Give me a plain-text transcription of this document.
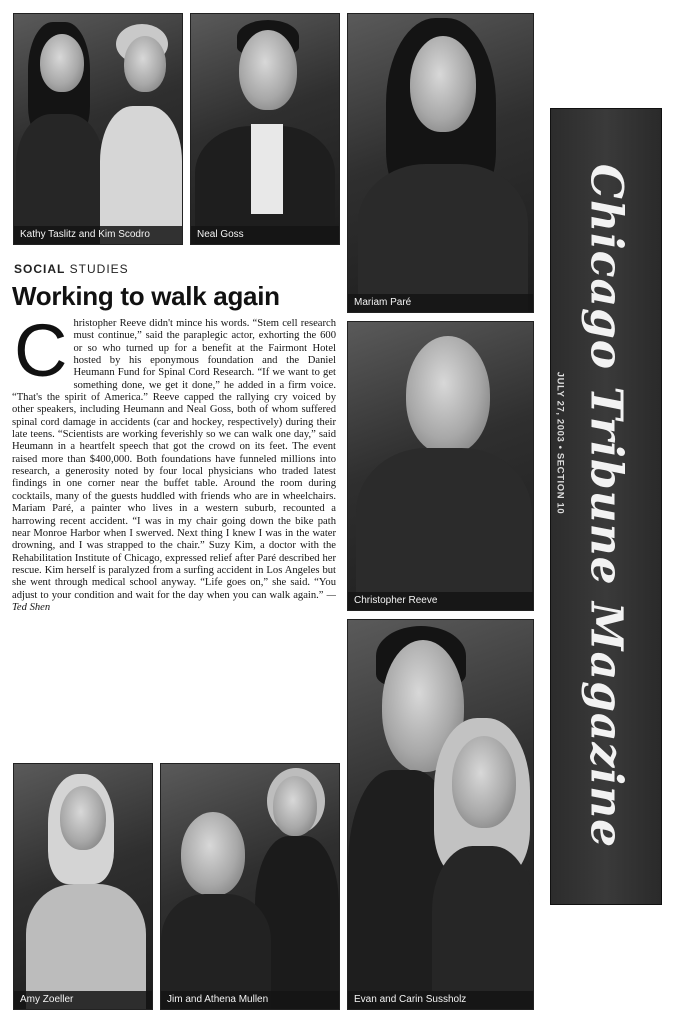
Kathy Taslitz and Kim Scodro	Neal Goss
Mariam Paré
Christopher Reeve
Amy Zoeller	Jim and Athena Mullen	Evan and Carin Sussholz
SOCIAL STUDIES
Working to walk again
Christopher Reeve didn't mince his words. “Stem cell research must continue,” said the paraplegic actor, exhorting the 600 or so who turned up for a benefit at the Fairmont Hotel hosted by his eponymous foundation and the Daniel Heumann Fund for Spinal Cord Research. “If we want to get something done, we get it done,” he added in a firm voice. “That's the spirit of America.” Reeve capped the rallying cry voiced by other speakers, including Heumann and Neal Goss, both of whom suffered spinal cord damage in accidents (car and hockey, respectively) during their late teens. “Scientists are working feverishly so we can walk one day,” said Heumann in a heartfelt speech that got the crowd on its feet. The event raised more than $400,000. Both foundations have funneled millions into research, a generosity noted by four local physicians who traded latest findings in one corner near the buffet table. Around the room during cocktails, many of the guests huddled with friends who are in wheelchairs. Mariam Paré, a painter who lives in a western suburb, recounted a harrowing recent accident. “I was in my chair going down the bike path near Monroe Harbor when I swerved. Next thing I knew I was in the water drowning, and I was strapped to the chair.” Suzy Kim, a doctor with the Rehabilitation Institute of Chicago, expressed relief after Paré described her rescue. Kim herself is paralyzed from a surfing accident in Los Angeles but she went through medical school anyway. “Life goes on,” she said. “You adjust to your condition and wait for the day when you can walk again.” —Ted Shen	Chicago Tribune Magazine
JULY 27, 2003 • SECTION 10
